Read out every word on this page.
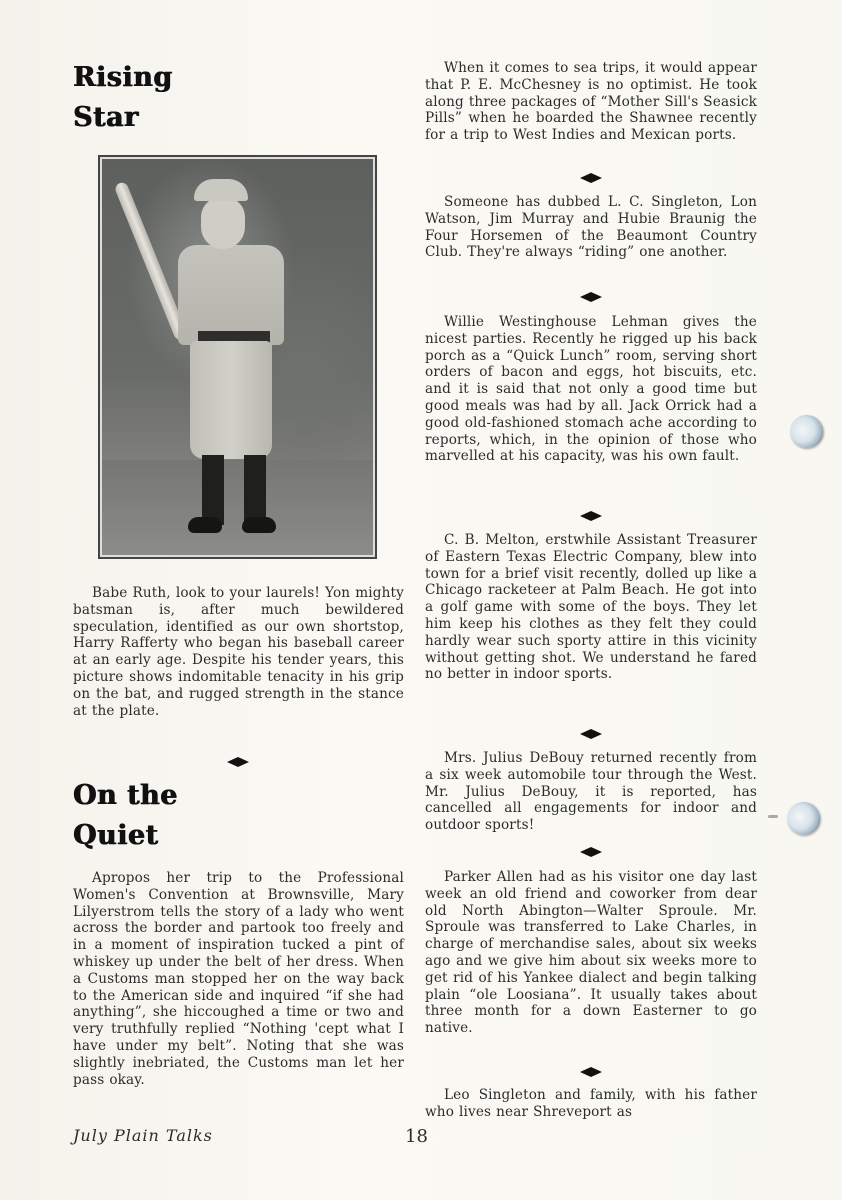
Rising
Star

Babe Ruth, look to your laurels! Yon mighty batsman is, after much bewildered speculation, identified as our own shortstop, Harry Rafferty who began his baseball career at an early age. Despite his tender years, this picture shows indomitable tenacity in his grip on the bat, and rugged strength in the stance at the plate.

On the
Quiet

Apropos her trip to the Professional Women's Convention at Brownsville, Mary Lilyerstrom tells the story of a lady who went across the border and partook too freely and in a moment of inspiration tucked a pint of whiskey up under the belt of her dress. When a Customs man stopped her on the way back to the American side and inquired “if she had anything”, she hiccoughed a time or two and very truthfully replied “Nothing 'cept what I have under my belt”. Noting that she was slightly inebriated, the Customs man let her pass okay.

When it comes to sea trips, it would appear that P. E. McChesney is no optimist. He took along three packages of “Mother Sill's Seasick Pills” when he boarded the Shawnee recently for a trip to West Indies and Mexican ports.

Someone has dubbed L. C. Singleton, Lon Watson, Jim Murray and Hubie Braunig the Four Horsemen of the Beaumont Country Club. They're always “riding” one another.

Willie Westinghouse Lehman gives the nicest parties. Recently he rigged up his back porch as a “Quick Lunch” room, serving short orders of bacon and eggs, hot biscuits, etc. and it is said that not only a good time but good meals was had by all. Jack Orrick had a good old-fashioned stomach ache according to reports, which, in the opinion of those who marvelled at his capacity, was his own fault.

C. B. Melton, erstwhile Assistant Treasurer of Eastern Texas Electric Company, blew into town for a brief visit recently, dolled up like a Chicago racketeer at Palm Beach. He got into a golf game with some of the boys. They let him keep his clothes as they felt they could hardly wear such sporty attire in this vicinity without getting shot. We understand he fared no better in indoor sports.

Mrs. Julius DeBouy returned recently from a six week automobile tour through the West. Mr. Julius DeBouy, it is reported, has cancelled all engagements for indoor and outdoor sports!

Parker Allen had as his visitor one day last week an old friend and coworker from dear old North Abington—Walter Sproule. Mr. Sproule was transferred to Lake Charles, in charge of merchandise sales, about six weeks ago and we give him about six weeks more to get rid of his Yankee dialect and begin talking plain “ole Loosiana”. It usually takes about three month for a down Easterner to go native.

Leo Singleton and family, with his father who lives near Shreveport as

July Plain Talks	18
